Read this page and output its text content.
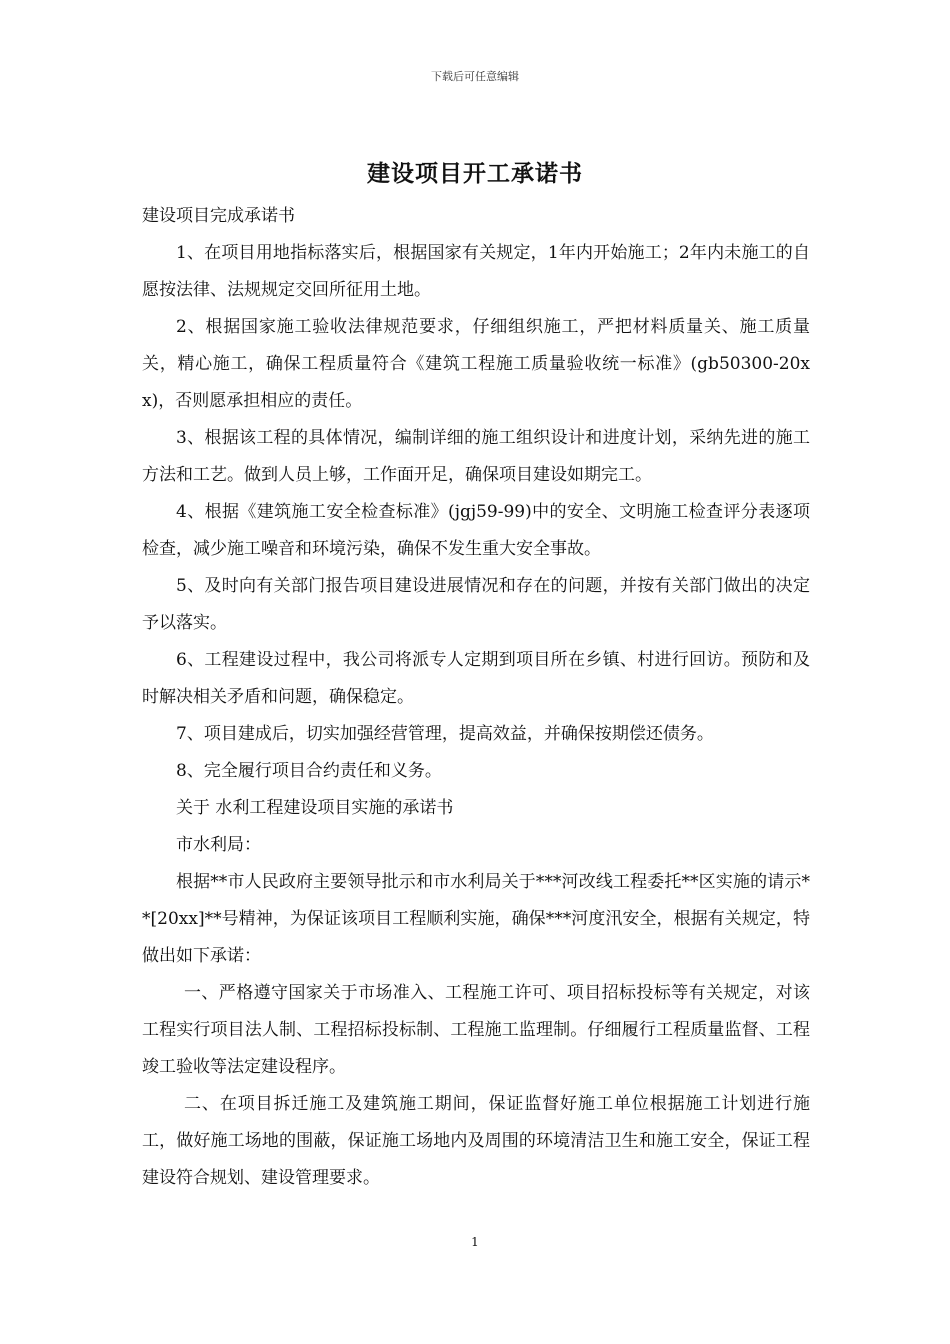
下载后可任意编辑
建设项目开工承诺书

建设项目完成承诺书

1、在项目用地指标落实后，根据国家有关规定，1年内开始施工；2年内未施工的自愿按法律、法规规定交回所征用土地。

2、根据国家施工验收法律规范要求，仔细组织施工，严把材料质量关、施工质量关，精心施工，确保工程质量符合《建筑工程施工质量验收统一标准》(gb50300-20xx)，否则愿承担相应的责任。

3、根据该工程的具体情况，编制详细的施工组织设计和进度计划，采纳先进的施工方法和工艺。做到人员上够，工作面开足，确保项目建设如期完工。

4、根据《建筑施工安全检查标准》(jgj59-99)中的安全、文明施工检查评分表逐项检查，减少施工噪音和环境污染，确保不发生重大安全事故。

5、及时向有关部门报告项目建设进展情况和存在的问题，并按有关部门做出的决定予以落实。

6、工程建设过程中，我公司将派专人定期到项目所在乡镇、村进行回访。预防和及时解决相关矛盾和问题，确保稳定。

7、项目建成后，切实加强经营管理，提高效益，并确保按期偿还债务。

8、完全履行项目合约责任和义务。

关于 水利工程建设项目实施的承诺书

市水利局：

根据**市人民政府主要领导批示和市水利局关于***河改线工程委托**区实施的请示**[20xx]**号精神，为保证该项目工程顺利实施，确保***河度汛安全，根据有关规定，特做出如下承诺：

一、严格遵守国家关于市场准入、工程施工许可、项目招标投标等有关规定，对该工程实行项目法人制、工程招标投标制、工程施工监理制。仔细履行工程质量监督、工程竣工验收等法定建设程序。

二、在项目拆迁施工及建筑施工期间，保证监督好施工单位根据施工计划进行施工，做好施工场地的围蔽，保证施工场地内及周围的环境清洁卫生和施工安全，保证工程建设符合规划、建设管理要求。

1
